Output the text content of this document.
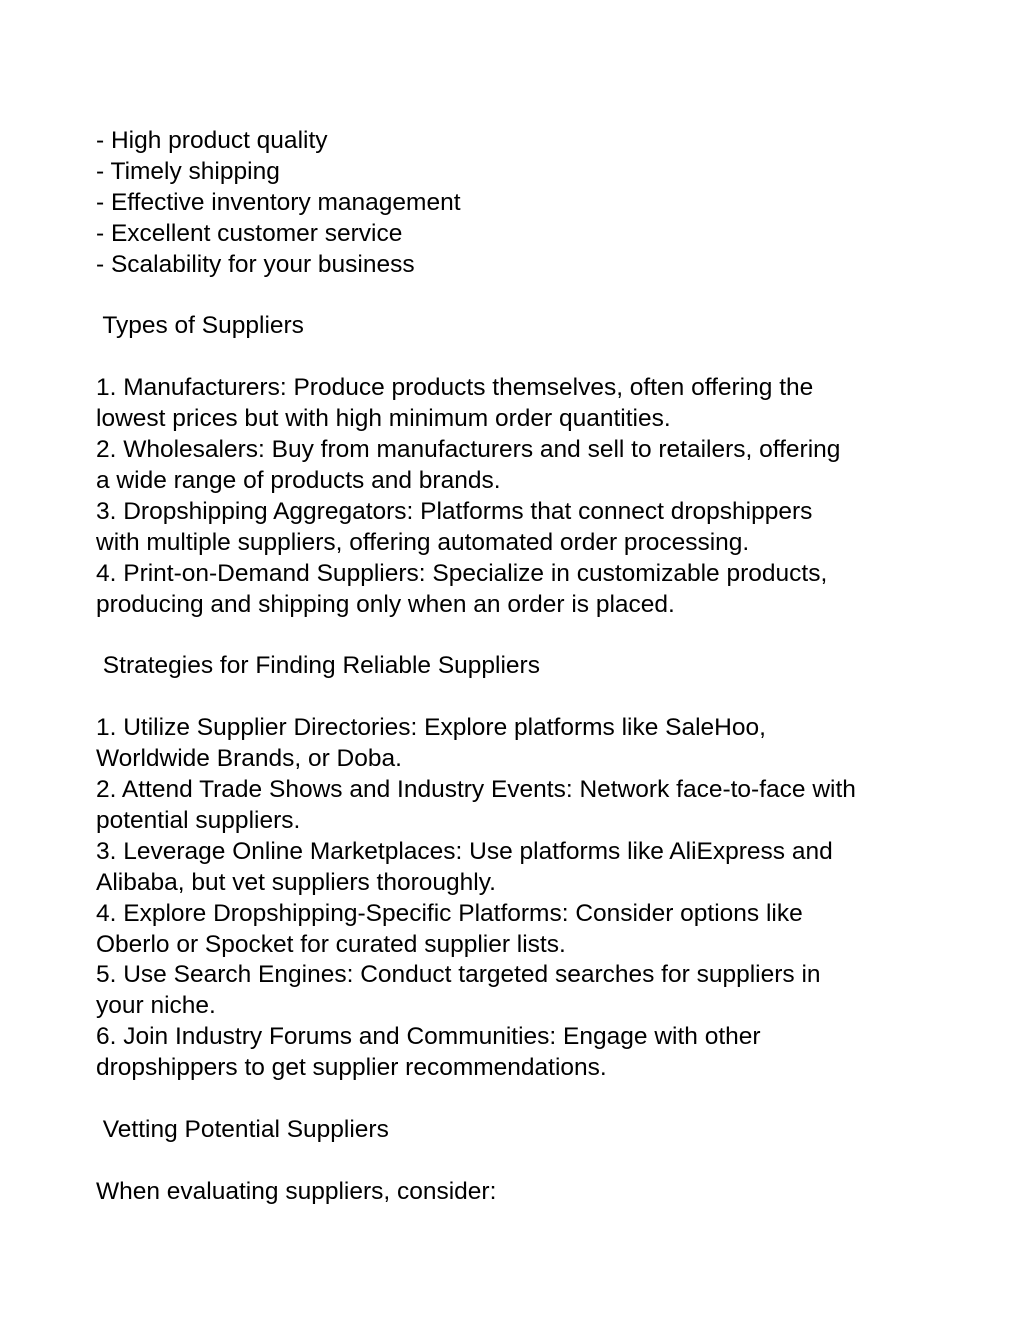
- High product quality
- Timely shipping
- Effective inventory management
- Excellent customer service
- Scalability for your business
Types of Suppliers
1. Manufacturers: Produce products themselves, often offering the
lowest prices but with high minimum order quantities.
2. Wholesalers: Buy from manufacturers and sell to retailers, offering
a wide range of products and brands.
3. Dropshipping Aggregators: Platforms that connect dropshippers
with multiple suppliers, offering automated order processing.
4. Print-on-Demand Suppliers: Specialize in customizable products,
producing and shipping only when an order is placed.
Strategies for Finding Reliable Suppliers
1. Utilize Supplier Directories: Explore platforms like SaleHoo,
Worldwide Brands, or Doba.
2. Attend Trade Shows and Industry Events: Network face-to-face with
potential suppliers.
3. Leverage Online Marketplaces: Use platforms like AliExpress and
Alibaba, but vet suppliers thoroughly.
4. Explore Dropshipping-Specific Platforms: Consider options like
Oberlo or Spocket for curated supplier lists.
5. Use Search Engines: Conduct targeted searches for suppliers in
your niche.
6. Join Industry Forums and Communities: Engage with other
dropshippers to get supplier recommendations.
Vetting Potential Suppliers
When evaluating suppliers, consider:
